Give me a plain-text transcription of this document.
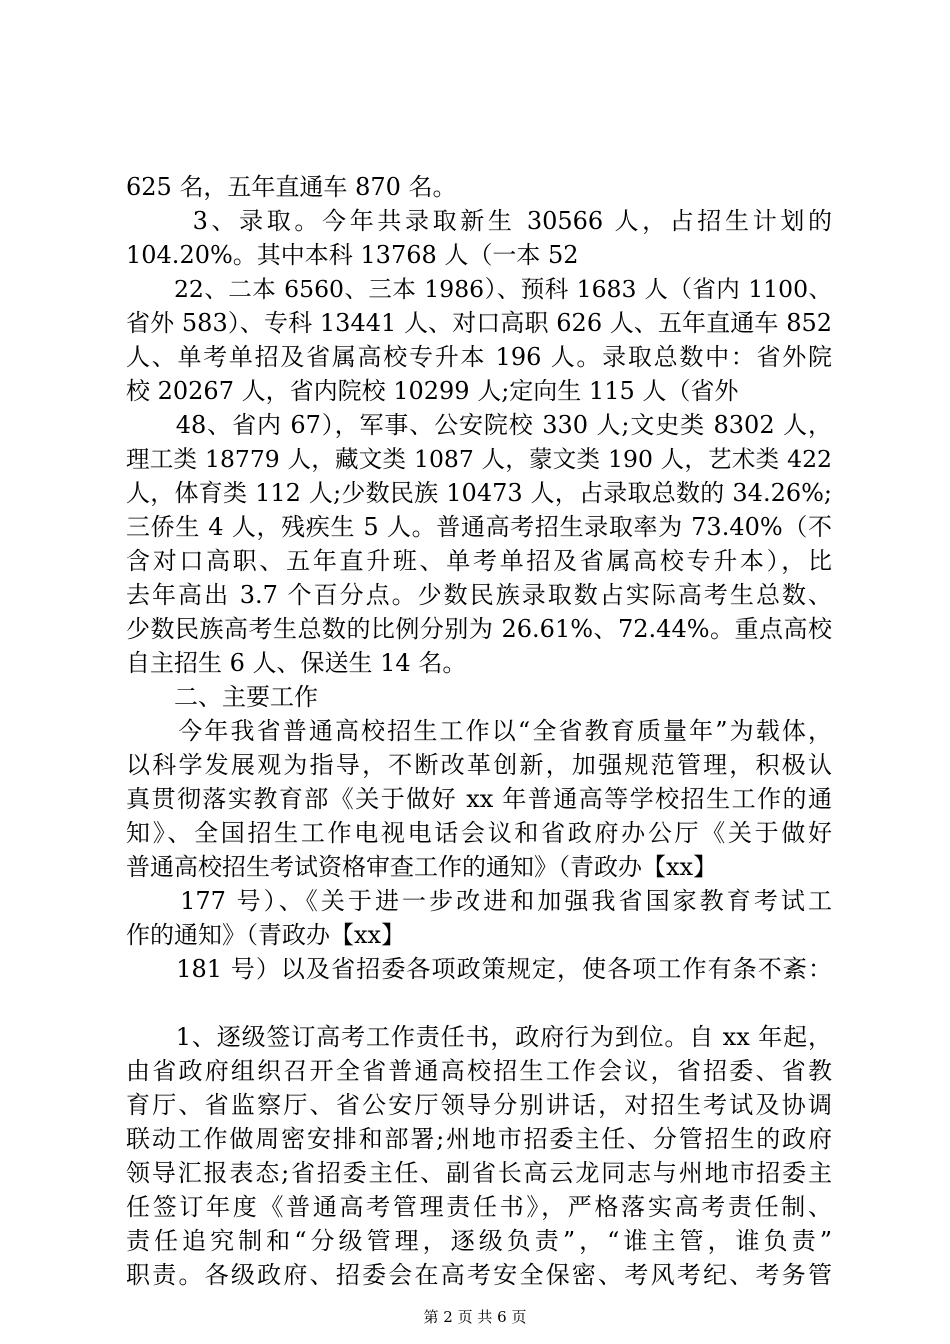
625 名，五年直通车 870 名。
　　 3、录取。今年共录取新生 30566 人，占招生计划的
104.20%。其中本科 13768 人（一本 52
　　22、二本 6560、三本 1986）、预科 1683 人（省内 1100、
省外 583）、专科 13441 人、对口高职 626 人、五年直通车 852
人、单考单招及省属高校专升本 196 人。录取总数中：省外院
校 20267 人，省内院校 10299 人;定向生 115 人（省外
　　48、省内 67），军事、公安院校 330 人;文史类 8302 人，
理工类 18779 人，藏文类 1087 人，蒙文类 190 人，艺术类 422
人，体育类 112 人;少数民族 10473 人，占录取总数的 34.26%;
三侨生 4 人，残疾生 5 人。普通高考招生录取率为 73.40%（不
含对口高职、五年直升班、单考单招及省属高校专升本），比
去年高出 3.7 个百分点。少数民族录取数占实际高考生总数、
少数民族高考生总数的比例分别为 26.61%、72.44%。重点高校
自主招生 6 人、保送生 14 名。
　　二、主要工作
　　今年我省普通高校招生工作以“全省教育质量年”为载体，
以科学发展观为指导，不断改革创新，加强规范管理，积极认
真贯彻落实教育部《关于做好 xx 年普通高等学校招生工作的通
知》、全国招生工作电视电话会议和省政府办公厅《关于做好
普通高校招生考试资格审查工作的通知》（青政办【xx】
　　177 号）、《关于进一步改进和加强我省国家教育考试工
作的通知》（青政办【xx】
　　181 号）以及省招委各项政策规定，使各项工作有条不紊：
　　1、逐级签订高考工作责任书，政府行为到位。自 xx 年起，
由省政府组织召开全省普通高校招生工作会议，省招委、省教
育厅、省监察厅、省公安厅领导分别讲话，对招生考试及协调
联动工作做周密安排和部署;州地市招委主任、分管招生的政府
领导汇报表态;省招委主任、副省长高云龙同志与州地市招委主
任签订年度《普通高考管理责任书》，严格落实高考责任制、
责任追究制和“分级管理，逐级负责”，“谁主管，谁负责”
职责。各级政府、招委会在高考安全保密、考风考纪、考务管
第 2 页 共 6 页
